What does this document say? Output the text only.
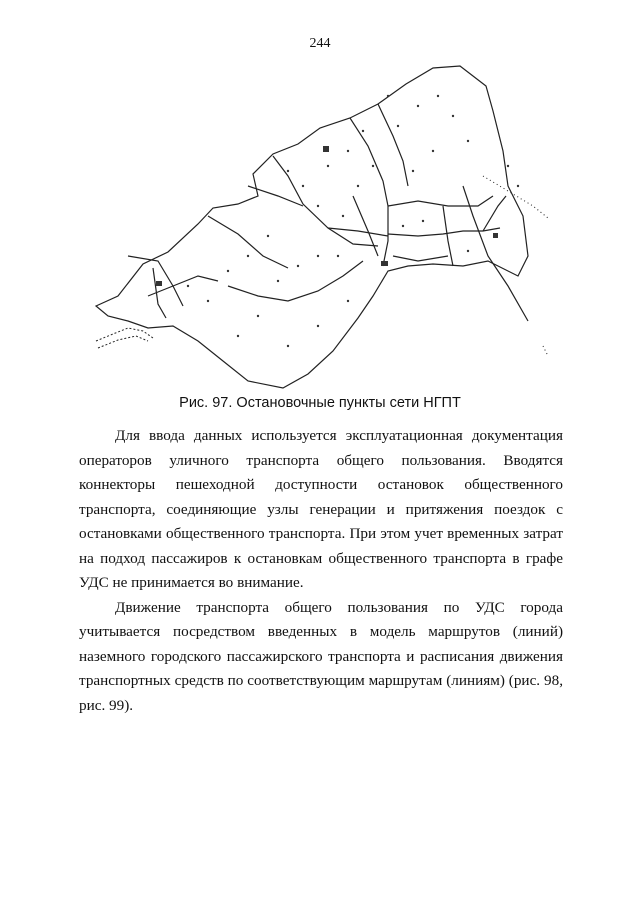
244
Рис. 97. Остановочные пункты сети НГПТ

Для ввода данных используется эксплуатационная документация
операторов уличного транспорта общего пользования. Вводятся
коннекторы пешеходной доступности остановок общественного
транспорта, соединяющие узлы генерации и притяжения поездок с
остановками общественного транспорта. При этом учет временных затрат
на подход пассажиров к остановкам общественного транспорта в графе
УДС не принимается во внимание.

Движение транспорта общего пользования по УДС города
учитывается посредством введенных в модель маршрутов (линий)
наземного городского пассажирского транспорта и расписания движения
транспортных средств по соответствующим маршрутам (линиям) (рис. 98,
рис. 99).
